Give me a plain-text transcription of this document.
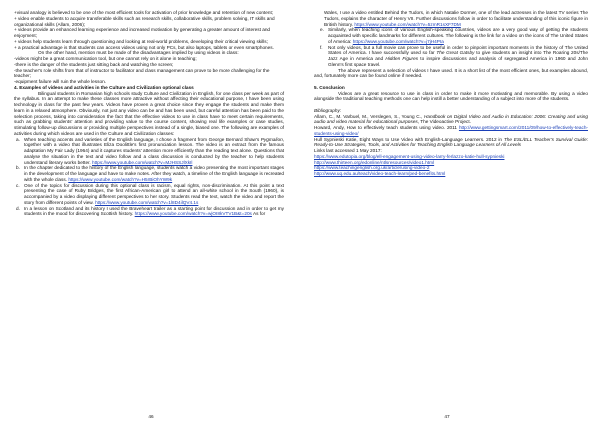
+visual analogy is believed to be one of the most efficient tools for activation of prior knowledge and retention of new content;

+ video enable students to acquire transferable skills such as research skills, collaborative skills, problem solving, IT skills and organizational skills (Allam, 2006);

+ videos provide an enhanced learning experience and increased motivation by generating a greater amount of interest and enjoyment;

+ videos help students learn through questioning and looking at real-world problems, developing their critical viewing skills;

+ a practical advantage is that students can access videos using not only PCs, but also laptops, tablets or even smartphones.

On the other hand, mention must be made of the disadvantages implied by using videos in class:

-videos might be a great communication tool, but one cannot rely on it alone in teaching;

-there is the danger of the students just sitting back and watching the screen;

-the teacher's role shifts from that of instructor to facilitator and class management can prove to be more challenging for the teacher;

-equipment failure will ruin the whole lesson.

4. Examples of videos and activities in the Culture and Civilization optional class

Bilingual students in Romanian high schools study Culture and Civilization in English, for one class per week as part of the syllabus. In an attempt to make these classes more attractive without affecting their educational purpose, I have been using technology in class for the past few years. Videos have proven a great choice since they engage the students and make them learn in a relaxed atmosphere. Obviously, not just any video can be and has been used, but careful attention has been paid to the selection process, taking into consideration the fact that the effective videos to use in class have to meet certain requirements, such as grabbing students' attention and providing value to the course content, showing real life examples or case studies, stimulating follow-up discussions or providing multiple perspectives instead of a single, biased one. The following are examples of activities during which videos are used in the Culture and Civilization classes:

a. When teaching accents and varieties of the English language, I chose a fragment from George Bernard Shaw's Pygmalion, together with a video that illustrates Eliza Doolittle's first pronunciation lesson. The video is an extract from the famous adaptation My Fair Lady (1964) and it captures students' attention more efficiently than the reading text alone. Questions that analyse the situation in the text and video follow and a class discussion is conducted by the teacher to help students understand literary works better. https://www.youtube.com/watch?v=MJHSSJlXkIl
b. In the chapter dedicated to the history of the English language, students watch a video presenting the most important stages in the development of the language and have to make notes. After they watch, a timeline of the English language is recreated with the whole class. https://www.youtube.com/watch?v=H5rBiOhYW9k
c. One of the topics for discussion during this optional class is racism, equal rights, non-discrimination. At this point a text presenting the case of Ruby Bridges, the first African-American girl to attend an all-white school in the South (1960), is accompanied by a video displaying different perspectives to her story. Students read the text, watch the video and report the story from different points of view. https://www.youtube.com/watch?v=1l8D4ilQV4.1s
d. In a lesson on Scotland and its history I used the Braveheart trailer as a starting point for discussion and in order to get my students in the mood for discovering Scottish history. https://www.youtube.com/watch?v=wjOI8kVTV1B&t=20s As for
46
Wales, I use a video entitled Behind the Tudors, in which Natalie Dormer, one of the lead actresses in the latest TV series The Tudors, explains the character of Henry VII. Further discussions follow in order to facilitate understanding of this iconic figure in British history. https://www.youtube.com/watch?v=5zmR1sXF7DM
e. Similarly, when teaching icons of various English-speaking countries, videos are a very good way of getting the students acquainted with specific landmarks for different cultures. The following is the link for a video on the icons of The United States of America: https://www.youtube.com/watch?v=j7jH4PIa
f. Not only videos, but a full movie can prove to be useful in order to pinpoint important moments in the history of The United States of America. I have successfully used so far The Great Gatsby to give students an insight into The Roaring 20s/The Jazz Age in America and Hidden Figures to inspire discussions and analysis of segregated America in 1960 and John Glenn's first space travel.

The above represent a selection of videos I have used. It is a short list of the most efficient ones, but examples abound, and, fortunately more can be found online if needed.

5. Conclusion

Videos are a great resource to use in class in order to make it more motivating and memorable. By using a video alongside the traditional teaching methods one can help instill a better understanding of a subject into more of the students.

Bibliography:

Allam, C., M. Varbuel, M., Verslegen, S., Young C., Handbook on Digital Video and Audio in Education: 2006: Creating and using audio and video material for educational purposes, The Videoactive Project.

Howard, Andy, How to effectively teach students using video. 2011 http://www.gettingsmart.com/2011/09/how-to-effectively-teach-students-using-video/

Hull Sypnieski Katie, Eight Ways to Use Video with English-Language Learners. 2012 in The ESL/ELL Teacher's Survival Guide: Ready-to-Use Strategies, Tools, and Activities for Teaching English Language Learners of All Levels

Links last accessed 1 May 2017:

https://www.edutopia.org/blog/ell-engagement-using-video-larry-ferlazzo-katie-hull-sypnieski

http://www.thirteen.org/edonline/ntlsresources/video1.html

https://www.teachingenglish.org.uk/article/using-video-2

http://www.uq.edu.au/teach/video-teach-learn/ped-benefits.html

47
